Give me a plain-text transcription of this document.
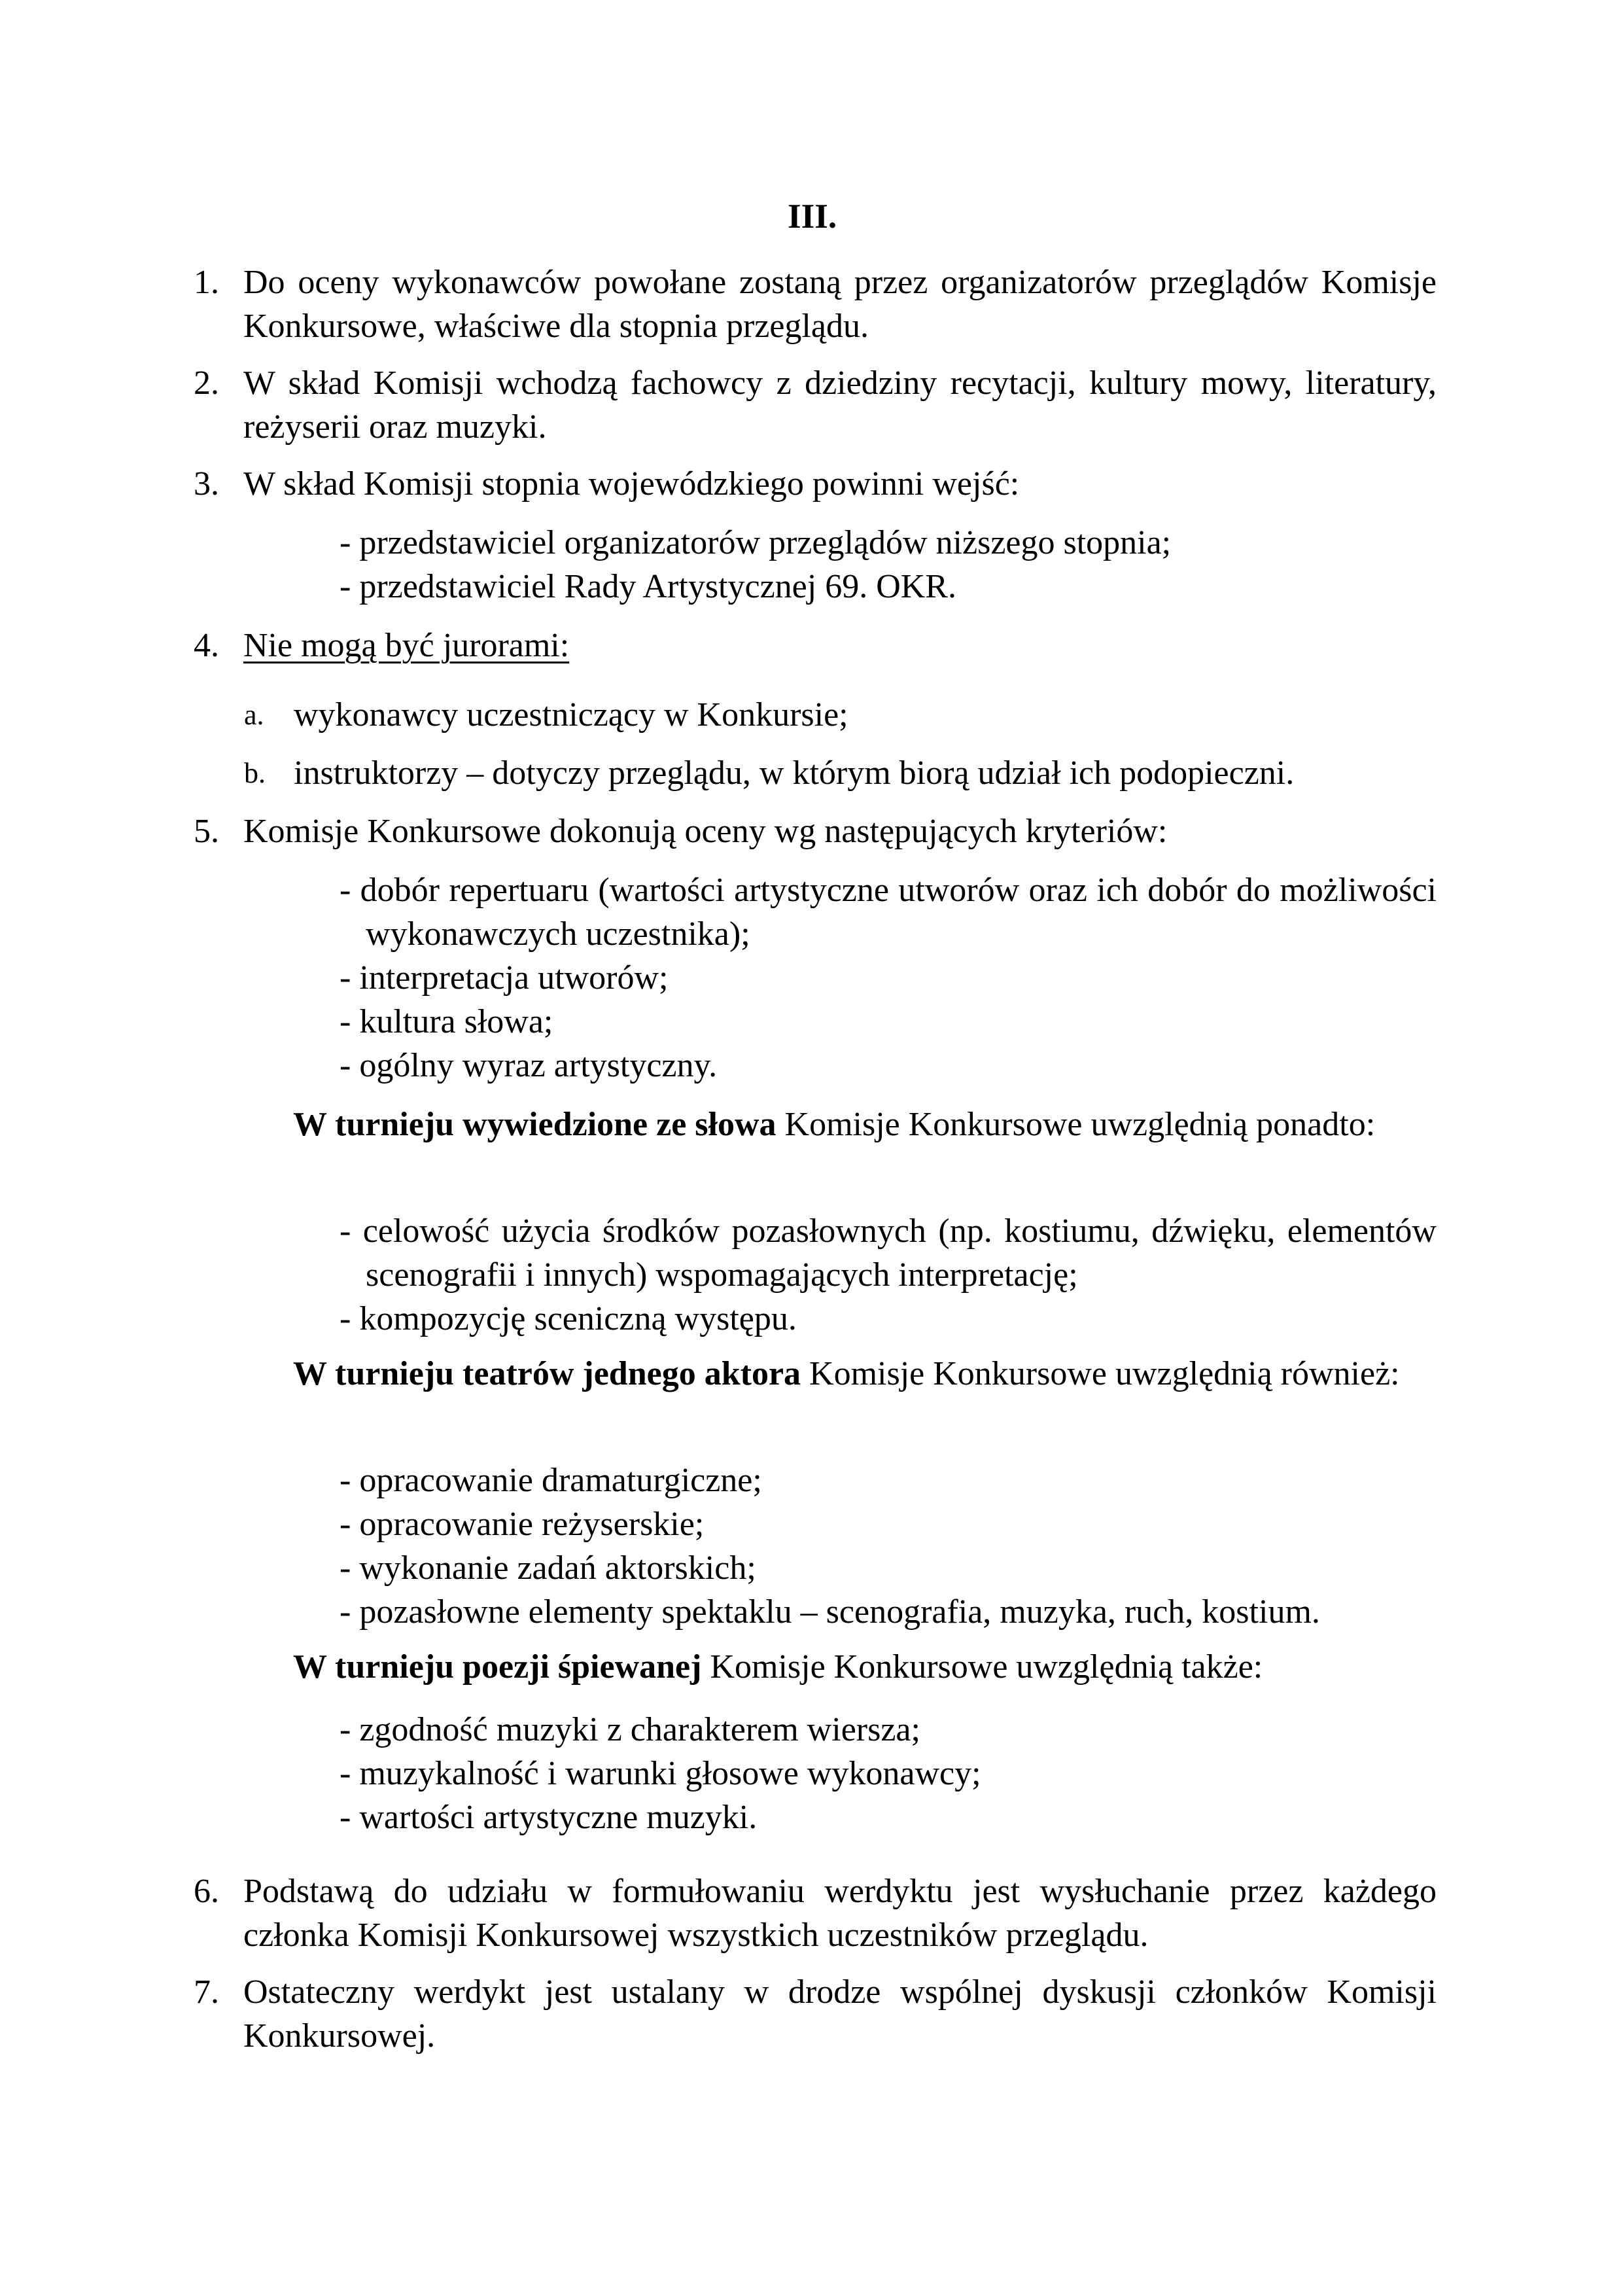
III.

1. Do oceny wykonawców powołane zostaną przez organizatorów przeglądów Komisje Konkursowe, właściwe dla stopnia przeglądu.

2. W skład Komisji wchodzą fachowcy z dziedziny recytacji, kultury mowy, literatury, reżyserii oraz muzyki.

3. W skład Komisji stopnia wojewódzkiego powinni wejść:

- przedstawiciel organizatorów przeglądów niższego stopnia;
- przedstawiciel Rady Artystycznej 69. OKR.
4. Nie mogą być jurorami:

a. wykonawcy uczestniczący w Konkursie;
b. instruktorzy – dotyczy przeglądu, w którym biorą udział ich podopieczni.
5. Komisje Konkursowe dokonują oceny wg następujących kryteriów:

- dobór repertuaru (wartości artystyczne utworów oraz ich dobór do możliwości wykonawczych uczestnika);
- interpretacja utworów;
- kultura słowa;
- ogólny wyraz artystyczny.

W turnieju wywiedzione ze słowa Komisje Konkursowe uwzględnią ponadto:

- celowość użycia środków pozasłownych (np. kostiumu, dźwięku, elementów scenografii i innych) wspomagających interpretację;
- kompozycję sceniczną występu.

W turnieju teatrów jednego aktora Komisje Konkursowe uwzględnią również:

- opracowanie dramaturgiczne;
- opracowanie reżyserskie;
- wykonanie zadań aktorskich;
- pozasłowne elementy spektaklu – scenografia, muzyka, ruch, kostium.

W turnieju poezji śpiewanej Komisje Konkursowe uwzględnią także:

- zgodność muzyki z charakterem wiersza;
- muzykalność i warunki głosowe wykonawcy;
- wartości artystyczne muzyki.
6. Podstawą do udziału w formułowaniu werdyktu jest wysłuchanie przez każdego członka Komisji Konkursowej wszystkich uczestników przeglądu.

7. Ostateczny werdykt jest ustalany w drodze wspólnej dyskusji członków Komisji Konkursowej.
